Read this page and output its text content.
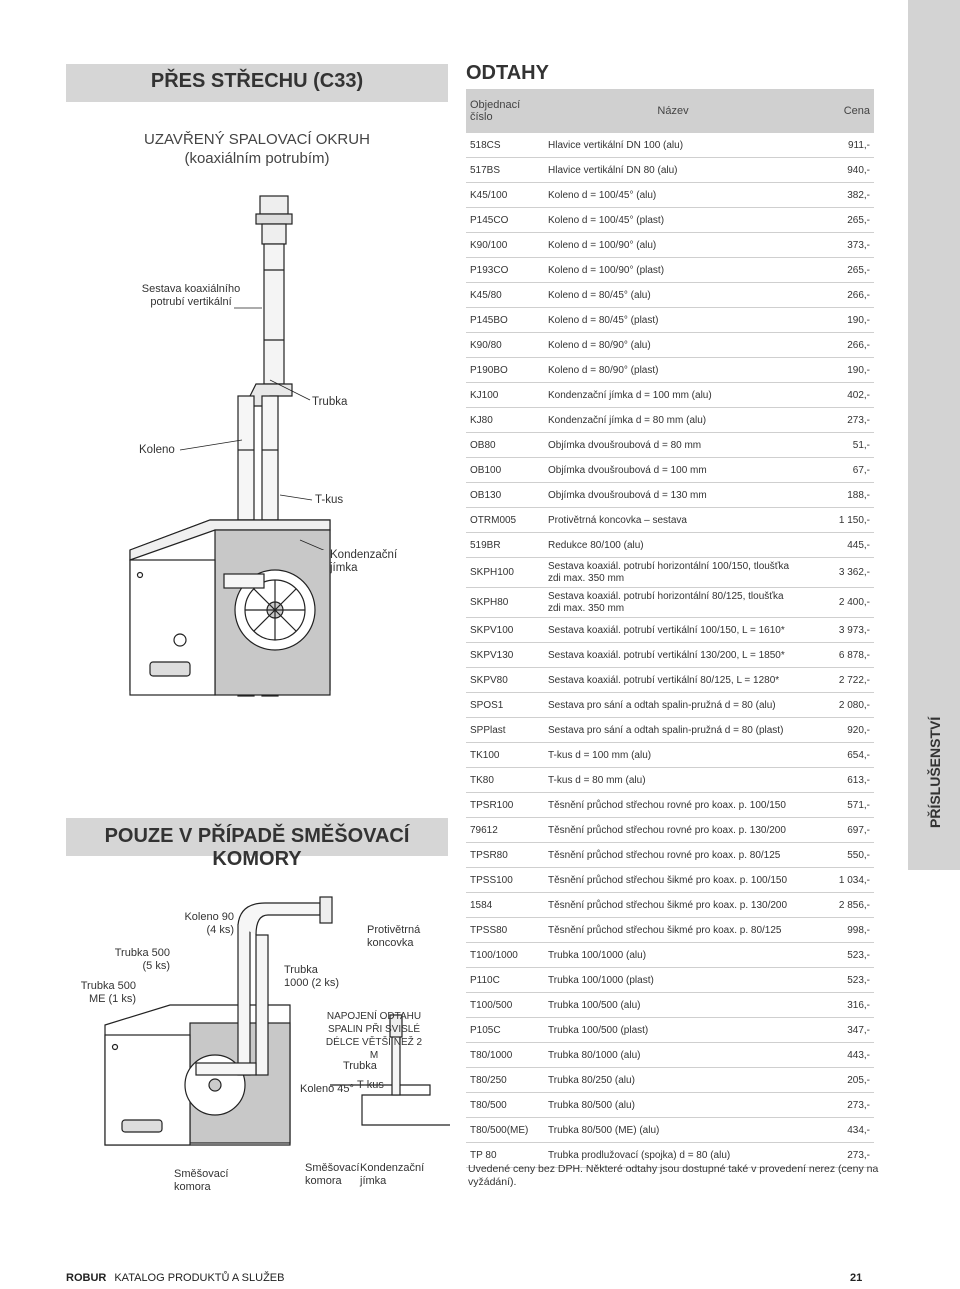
PŘÍSLUŠENSTVÍ
PŘES STŘECHU (C33)
UZAVŘENÝ SPALOVACÍ OKRUH
(koaxiálním potrubím)
Sestava koaxiálního potrubí vertikální
Trubka
Koleno
T-kus
Kondenzační jímka
POUZE V PŘÍPADĚ SMĚŠOVACÍ KOMORY
Koleno 90 (4 ks)
Trubka 500 (5 ks)
Trubka 500 ME (1 ks)
Trubka 1000 (2 ks)
Protivětrná koncovka
NAPOJENÍ ODTAHU SPALIN PŘI SVISLÉ DÉLCE VĚTŠÍ NEŽ 2 M
Trubka
Koleno 45° T-kus
Směšovací komora
Směšovací komora
Kondenzační jímka
ODTAHY
Objednací číslo	Název	Cena
518CS	Hlavice vertikální DN 100 (alu)	911,-
517BS	Hlavice vertikální DN 80 (alu)	940,-
K45/100	Koleno d = 100/45° (alu)	382,-
P145CO	Koleno d = 100/45° (plast)	265,-
K90/100	Koleno d = 100/90° (alu)	373,-
P193CO	Koleno d = 100/90° (plast)	265,-
K45/80	Koleno d = 80/45° (alu)	266,-
P145BO	Koleno d = 80/45° (plast)	190,-
K90/80	Koleno d = 80/90° (alu)	266,-
P190BO	Koleno d = 80/90° (plast)	190,-
KJ100	Kondenzační jímka d = 100 mm (alu)	402,-
KJ80	Kondenzační jímka d = 80 mm (alu)	273,-
OB80	Objímka dvoušroubová d = 80 mm	51,-
OB100	Objímka dvoušroubová d = 100 mm	67,-
OB130	Objímka dvoušroubová d = 130 mm	188,-
OTRM005	Protivětrná koncovka – sestava	1 150,-
519BR	Redukce 80/100 (alu)	445,-
SKPH100	Sestava koaxiál. potrubí horizontální 100/150, tloušťka zdi max. 350 mm	3 362,-
SKPH80	Sestava koaxiál. potrubí horizontální 80/125, tloušťka zdi max. 350 mm	2 400,-
SKPV100	Sestava koaxiál. potrubí vertikální 100/150, L = 1610*	3 973,-
SKPV130	Sestava koaxiál. potrubí vertikální 130/200, L = 1850*	6 878,-
SKPV80	Sestava koaxiál. potrubí vertikální 80/125, L = 1280*	2 722,-
SPOS1	Sestava pro sání a odtah spalin-pružná d = 80 (alu)	2 080,-
SPPlast	Sestava pro sání a odtah spalin-pružná d = 80 (plast)	920,-
TK100	T-kus d = 100 mm (alu)	654,-
TK80	T-kus d = 80 mm (alu)	613,-
TPSR100	Těsnění průchod střechou rovné pro koax. p. 100/150	571,-
79612	Těsnění průchod střechou rovné pro koax. p. 130/200	697,-
TPSR80	Těsnění průchod střechou rovné pro koax. p. 80/125	550,-
TPSS100	Těsnění průchod střechou šikmé pro koax. p. 100/150	1 034,-
1584	Těsnění průchod střechou šikmé pro koax. p. 130/200	2 856,-
TPSS80	Těsnění průchod střechou šikmé pro koax. p. 80/125	998,-
T100/1000	Trubka 100/1000 (alu)	523,-
P110C	Trubka 100/1000 (plast)	523,-
T100/500	Trubka 100/500 (alu)	316,-
P105C	Trubka 100/500 (plast)	347,-
T80/1000	Trubka 80/1000 (alu)	443,-
T80/250	Trubka 80/250 (alu)	205,-
T80/500	Trubka 80/500 (alu)	273,-
T80/500(ME)	Trubka 80/500 (ME) (alu)	434,-
TP 80	Trubka prodlužovací (spojka) d = 80 (alu)	273,-
Uvedené ceny bez DPH. Některé odtahy jsou dostupné také v provedení nerez (ceny na vyžádání).
ROBUR KATALOG PRODUKTŮ A SLUŽEB	21
